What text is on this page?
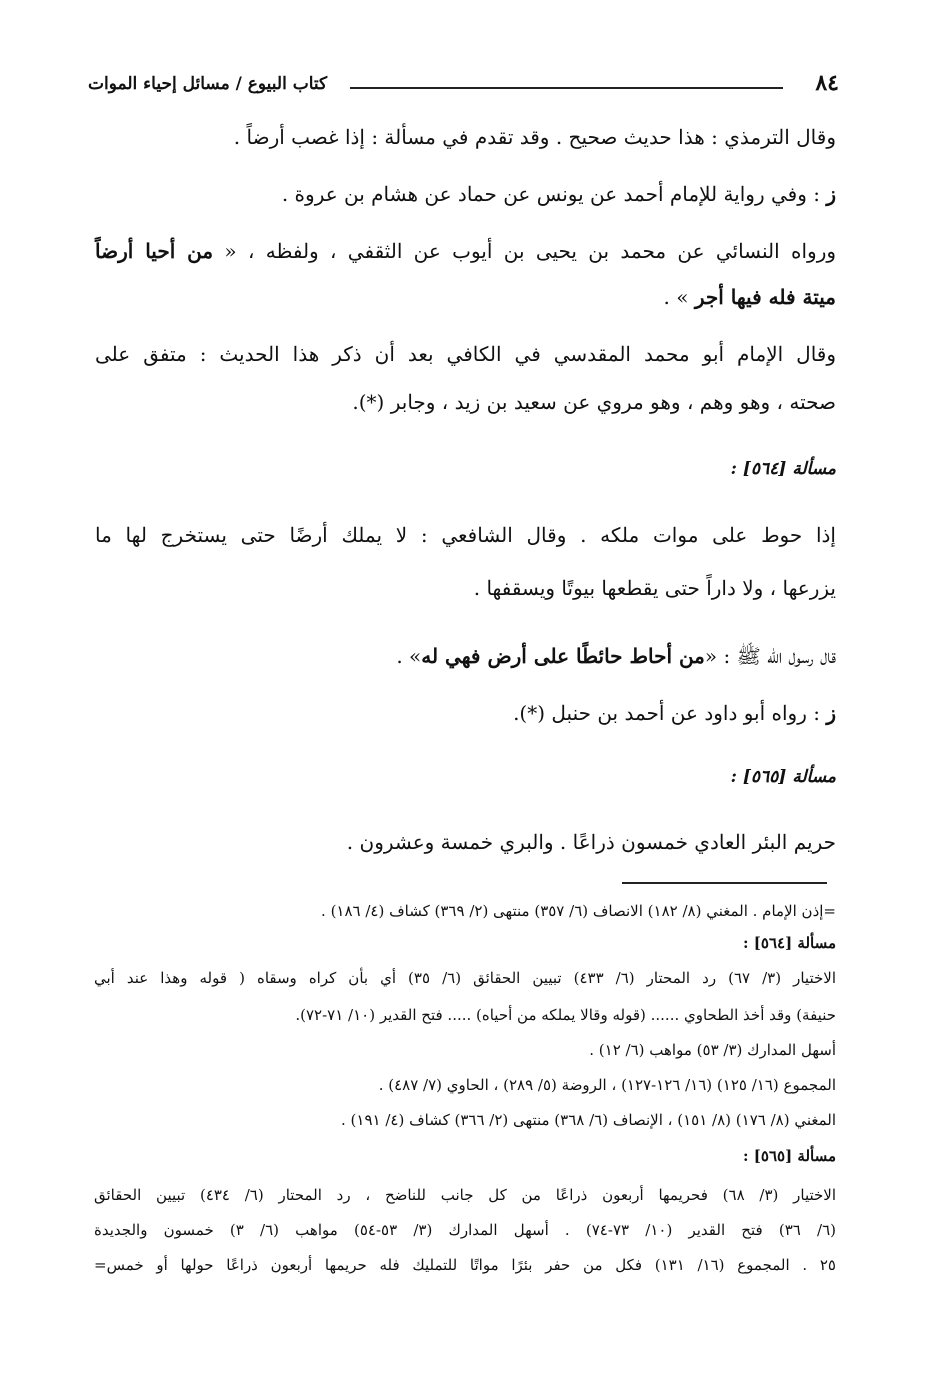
٨٤
كتاب البيوع / مسائل إحياء الموات
وقال الترمذي : هذا حديث صحيح . وقد تقدم في مسألة : إذا غصب أرضاً .
ز : وفي رواية للإمام أحمد عن يونس عن حماد عن هشام بن عروة .
ورواه النسائي عن محمد بن يحيى بن أيوب عن الثقفي ، ولفظه ، « من أحيا أرضاً
ميتة فله فيها أجر » .
وقال الإمام أبو محمد المقدسي في الكافي بعد أن ذكر هذا الحديث : متفق على
صحته ، وهو وهم ، وهو مروي عن سعيد بن زيد ، وجابر (*).
مسألة [٥٦٤] :
إذا حوط على موات ملكه . وقال الشافعي : لا يملك أرضًا حتى يستخرج لها ما
يزرعها ، ولا داراً حتى يقطعها بيوتًا ويسقفها .
قال رسول الله ﷺ : «من أحاط حائطًا على أرض فهي له» .
ز : رواه أبو داود عن أحمد بن حنبل (*).
مسألة [٥٦٥] :
حريم البئر العادي خمسون ذراعًا . والبري خمسة وعشرون .
=إذن الإمام . المغني (٨/ ١٨٢) الانصاف (٦/ ٣٥٧) منتهى (٢/ ٣٦٩) كشاف (٤/ ١٨٦) .
مسألة [٥٦٤] :
الاختيار (٣/ ٦٧) رد المحتار (٦/ ٤٣٣) تبيين الحقائق (٦/ ٣٥) أي بأن كراه وسقاه ( قوله وهذا عند أبي
حنيفة) وقد أخذ الطحاوي ...... (قوله وقالا يملكه من أحياه) ..... فتح القدير (١٠/ ٧١-٧٢).
أسهل المدارك (٣/ ٥٣) مواهب (٦/ ١٢) .
المجموع (١٦/ ١٢٥) (١٦/ ١٢٦-١٢٧) ، الروضة (٥/ ٢٨٩) ، الحاوي (٧/ ٤٨٧) .
المغني (٨/ ١٧٦) (٨/ ١٥١) ، الإنصاف (٦/ ٣٦٨) منتهى (٢/ ٣٦٦) كشاف (٤/ ١٩١) .
مسألة [٥٦٥] :
الاختيار (٣/ ٦٨) فحريمها أربعون ذراعًا من كل جانب للناضح ، رد المحتار (٦/ ٤٣٤) تبيين الحقائق
(٦/ ٣٦) فتح القدير (١٠/ ٧٣-٧٤) . أسهل المدارك (٣/ ٥٣-٥٤) مواهب (٦/ ٣) خمسون والجديدة
٢٥ . المجموع (١٦/ ١٣١) فكل من حفر بئرًا مواتًا للتمليك فله حريمها أربعون ذراعًا حولها أو خمس=
